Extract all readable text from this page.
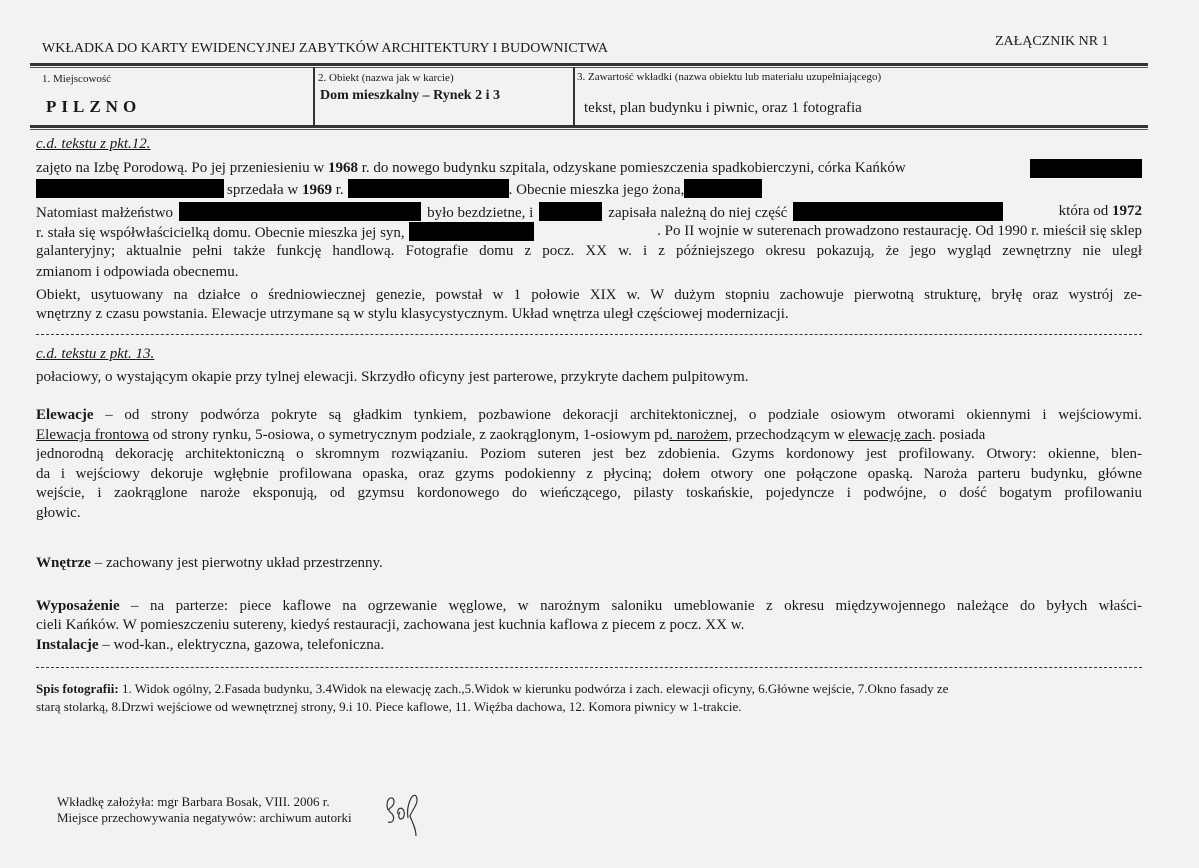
WKŁADKA DO KARTY EWIDENCYJNEJ ZABYTKÓW ARCHITEKTURY I BUDOWNICTWA	ZAŁĄCZNIK NR 1
1. Miejscowość
PILZNO
2. Obiekt (nazwa jak w karcie)
Dom mieszkalny – Rynek 2 i 3
3. Zawartość wkładki (nazwa obiektu lub materiału uzupełniającego)
tekst, plan budynku i piwnic, oraz 1 fotografia
c.d. tekstu z pkt.12.
zajęto na Izbę Porodową. Po jej przeniesieniu w 1968 r. do nowego budynku szpitala, odzyskane pomieszczenia spadkobierczyni, córka Kańków
sprzedała w 1969 r.	. Obecnie mieszka jego żona,
Natomiast małżeństwo	było bezdzietne, i	zapisała należną do niej część	która od 1972
r. stała się współwłaścicielką domu. Obecnie mieszka jej syn,	. Po II wojnie w suterenach prowadzono restaurację. Od 1990 r. mieścił się sklep
galanteryjny; aktualnie pełni także funkcję handlową. Fotografie domu z pocz. XX w. i z późniejszego okresu pokazują, że jego wygląd zewnętrzny nie uległ
zmianom i odpowiada obecnemu.
Obiekt, usytuowany na działce o średniowiecznej genezie, powstał w 1 połowie XIX w. W dużym stopniu zachowuje pierwotną strukturę, bryłę oraz wystrój ze-
wnętrzny z czasu powstania. Elewacje utrzymane są w stylu klasycystycznym. Układ wnętrza uległ częściowej modernizacji.
c.d. tekstu z pkt. 13.
połaciowy, o wystającym okapie przy tylnej elewacji. Skrzydło oficyny jest parterowe, przykryte dachem pulpitowym.
Elewacje – od strony podwórza pokryte są gładkim tynkiem, pozbawione dekoracji architektonicznej, o podziale osiowym otworami okiennymi i wejściowymi.
Elewacja frontowa od strony rynku, 5-osiowa, o symetrycznym podziale, z zaokrąglonym, 1-osiowym pd. narożem, przechodzącym w elewację zach. posiada
jednorodną dekorację architektoniczną o skromnym rozwiązaniu. Poziom suteren jest bez zdobienia. Gzyms kordonowy jest profilowany. Otwory: okienne, blen-
da i wejściowy dekoruje wgłębnie profilowana opaska, oraz gzyms podokienny z płyciną; dołem otwory one połączone opaską. Naroża parteru budynku, główne
wejście, i zaokrąglone naroże eksponują, od gzymsu kordonowego do wieńczącego, pilasty toskańskie, pojedyncze i podwójne, o dość bogatym profilowaniu
głowic.
Wnętrze – zachowany jest pierwotny układ przestrzenny.
Wyposażenie – na parterze: piece kaflowe na ogrzewanie węglowe, w narożnym saloniku umeblowanie z okresu międzywojennego należące do byłych właści-
cieli Kańków. W pomieszczeniu sutereny, kiedyś restauracji, zachowana jest kuchnia kaflowa z piecem z pocz. XX w.
Instalacje – wod-kan., elektryczna, gazowa, telefoniczna.
Spis fotografii: 1. Widok ogólny, 2.Fasada budynku, 3.4Widok na elewację zach.,5.Widok w kierunku podwórza i zach. elewacji oficyny, 6.Główne wejście, 7.Okno fasady ze
starą stolarką, 8.Drzwi wejściowe od wewnętrznej strony, 9.i 10. Piece kaflowe, 11. Więźba dachowa, 12. Komora piwnicy w 1-trakcie.
Wkładkę założyła: mgr Barbara Bosak, VIII. 2006 r.
Miejsce przechowywania negatywów: archiwum autorki
